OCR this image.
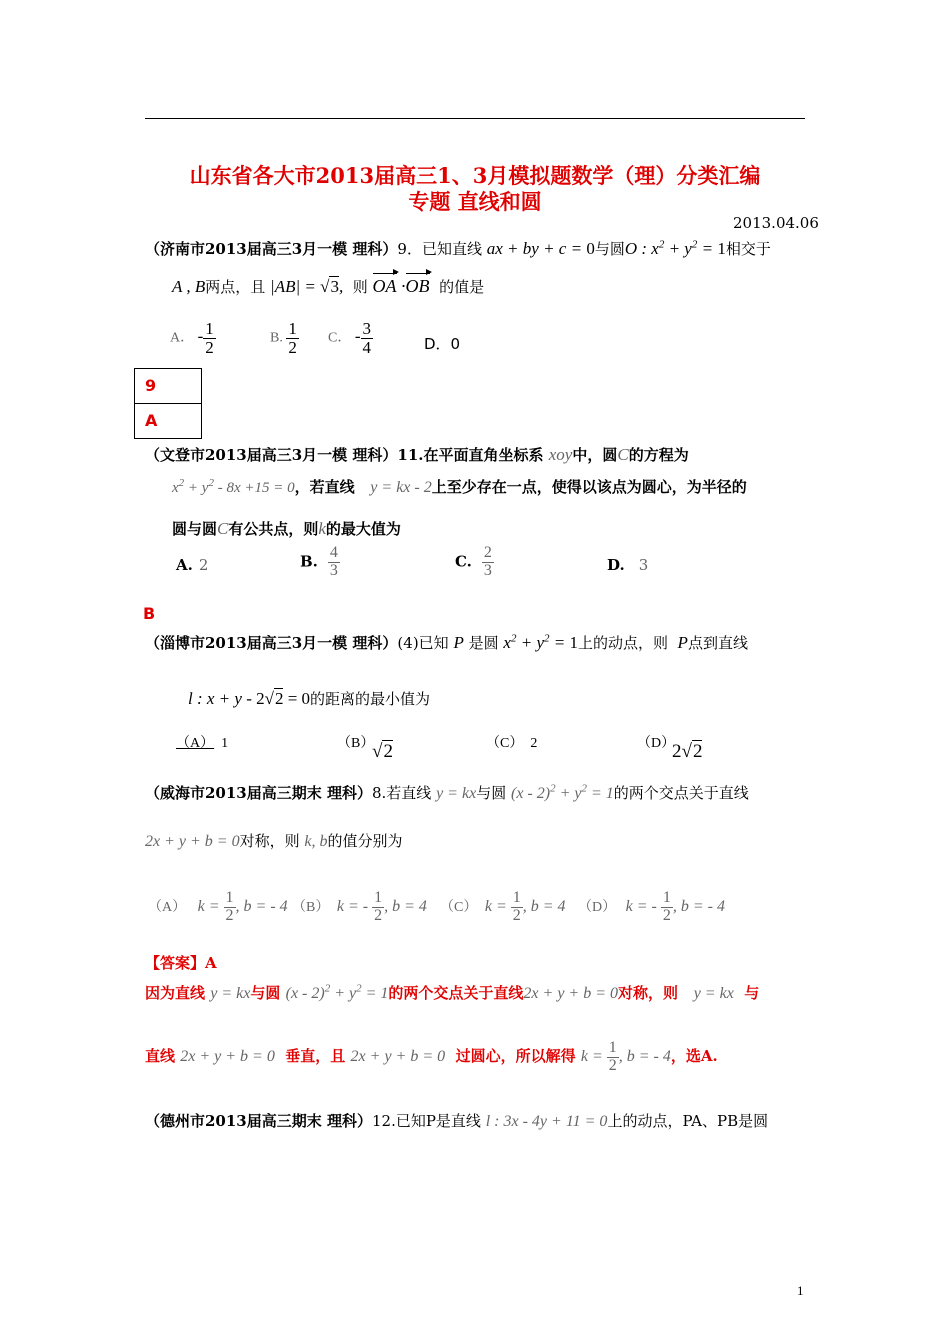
山东省各大市2013届高三1、3月模拟题数学（理）分类汇编
专题 直线和圆
2013.04.06
（济南市2013届高三3月一模 理科）9．已知直线 ax + by + c = 0与圆O : $x^2 + y^2 = 1$相交于
A , B两点，且 |AB| = √3, 则 OA ·OB 的值是
A． - $\frac{1}{2}$	B. $\frac{1}{2}$ C． - $\frac{3}{4}$	D．0
9
A
（文登市2013届高三3月一模 理科）11.在平面直角坐标系 xoy中，圆C的方程为
$x^2 + y^2 - 8x +15 = 0$，若直线 y = kx - 2上至少存在一点，使得以该点为圆心，为半径的
圆与圆C有公共点，则k的最大值为
A. 2	B. $\frac{4}{3}$	C. $\frac{2}{3}$	D. 3
B
（淄博市2013届高三3月一模 理科）(4)已知 P 是圆 $x^2 + y^2 = 1$上的动点，则 P点到直线
l : x + y - 2√2 = 0的距离的最小值为
（A） 1	（B）
√2	（C） 2	（D）
2√2
（威海市2013届高三期末 理科）8.若直线 y = kx与圆 $(x - 2)^2 + y^2 = 1$的两个交点关于直线
2x + y + b = 0对称，则 k, b的值分别为
（A） $k = \frac{1}{2}$ , b = - 4 （B） k = - $\frac{1}{2}$ , b = 4 （C） $k = \frac{1}{2}$ , b = 4 （D） k = - $\frac{1}{2}$ , b = - 4
【答案】A
因为直线 y = kx与圆 $(x - 2)^2 + y^2 = 1$的两个交点关于直线2x + y + b = 0对称，则 y = kx 与
直线 2x + y + b = 0 垂直，且 2x + y + b = 0 过圆心，所以解得 $k = \frac{1}{2}$ , b = - 4，选A.
（德州市2013届高三期末 理科）12.已知P是直线 l : 3x - 4y + 11 = 0上的动点，PA、PB是圆
1
